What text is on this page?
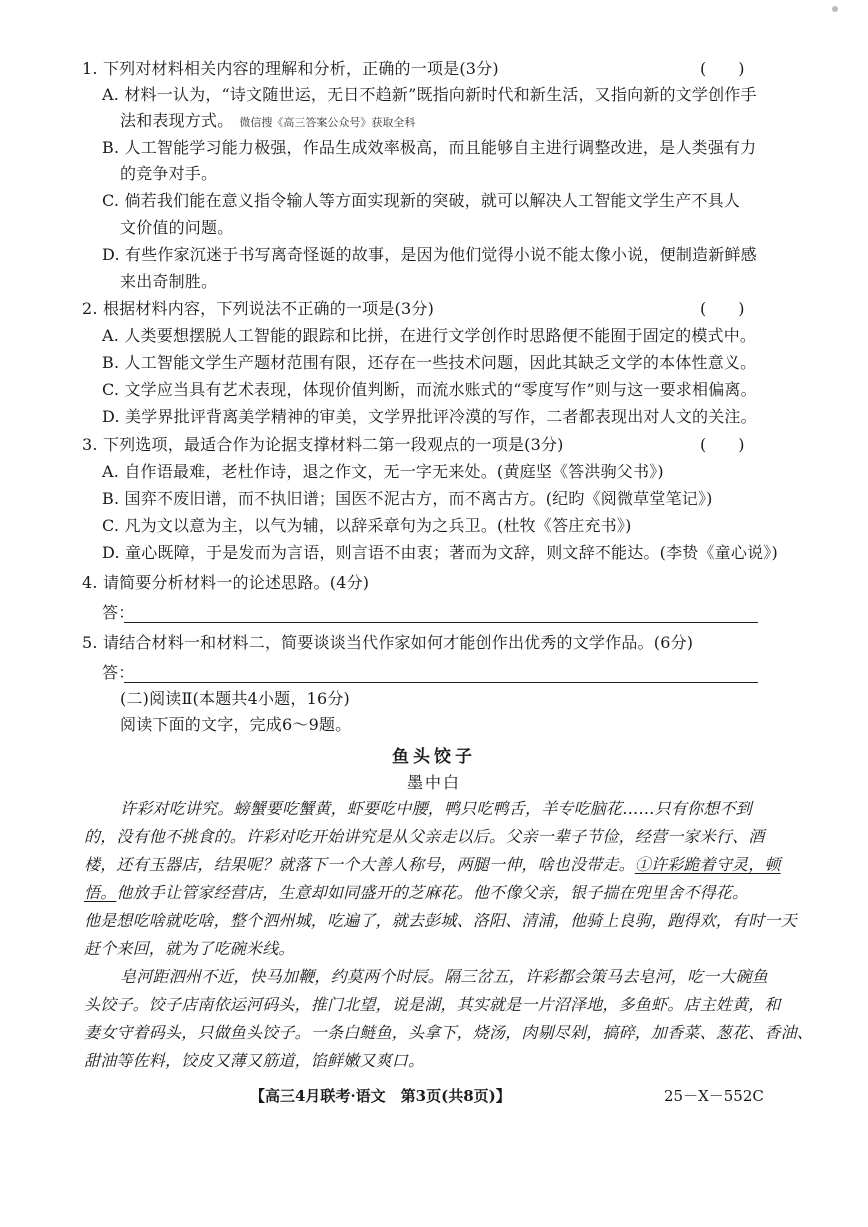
1. 下列对材料相关内容的理解和分析，正确的一项是(3分)	(　　)
A. 材料一认为，“诗文随世运，无日不趋新”既指向新时代和新生活，又指向新的文学创作手
法和表现方式。 微信搜《高三答案公众号》获取全科
B. 人工智能学习能力极强，作品生成效率极高，而且能够自主进行调整改进，是人类强有力
的竞争对手。
C. 倘若我们能在意义指令输人等方面实现新的突破，就可以解决人工智能文学生产不具人
文价值的问题。
D. 有些作家沉迷于书写离奇怪诞的故事，是因为他们觉得小说不能太像小说，便制造新鲜感
来出奇制胜。
2. 根据材料内容，下列说法不正确的一项是(3分)	(　　)
A. 人类要想摆脱人工智能的跟踪和比拼，在进行文学创作时思路便不能囿于固定的模式中。
B. 人工智能文学生产题材范围有限，还存在一些技术问题，因此其缺乏文学的本体性意义。
C. 文学应当具有艺术表现，体现价值判断，而流水账式的“零度写作”则与这一要求相偏离。
D. 美学界批评背离美学精神的审美，文学界批评冷漠的写作，二者都表现出对人文的关注。
3. 下列选项，最适合作为论据支撑材料二第一段观点的一项是(3分)	(　　)
A. 自作语最难，老杜作诗，退之作文，无一字无来处。(黄庭坚《答洪驹父书》)
B. 国弈不废旧谱，而不执旧谱；国医不泥古方，而不离古方。(纪昀《阅微草堂笔记》)
C. 凡为文以意为主，以气为辅，以辞采章句为之兵卫。(杜牧《答庄充书》)
D. 童心既障，于是发而为言语，则言语不由衷；著而为文辞，则文辞不能达。(李贽《童心说》)
4. 请简要分析材料一的论述思路。(4分)
答：
5. 请结合材料一和材料二，简要谈谈当代作家如何才能创作出优秀的文学作品。(6分)
答：
(二)阅读Ⅱ(本题共4小题，16分)
阅读下面的文字，完成6～9题。
鱼头饺子
墨中白
许彩对吃讲究。螃蟹要吃蟹黄，虾要吃中腰，鸭只吃鸭舌，羊专吃脑花……只有你想不到
的，没有他不挑食的。许彩对吃开始讲究是从父亲走以后。父亲一辈子节俭，经营一家米行、酒
楼，还有玉器店，结果呢？就落下一个大善人称号，两腿一伸，啥也没带走。①许彩跪着守灵，顿
悟。他放手让管家经营店，生意却如同盛开的芝麻花。他不像父亲，银子揣在兜里舍不得花。
他是想吃啥就吃啥，整个泗州城，吃遍了，就去彭城、洛阳、清浦，他骑上良驹，跑得欢，有时一天
赶个来回，就为了吃碗米线。
皂河距泗州不近，快马加鞭，约莫两个时辰。隔三岔五，许彩都会策马去皂河，吃一大碗鱼
头饺子。饺子店南依运河码头，推门北望，说是湖，其实就是一片沼泽地，多鱼虾。店主姓黄，和
妻女守着码头，只做鱼头饺子。一条白鲢鱼，头拿下，烧汤，肉剔尽剁，搞碎，加香菜、葱花、香油、
甜油等佐料，饺皮又薄又筋道，馅鲜嫩又爽口。
【高三4月联考·语文　第3页(共8页)】	25－X－552C
